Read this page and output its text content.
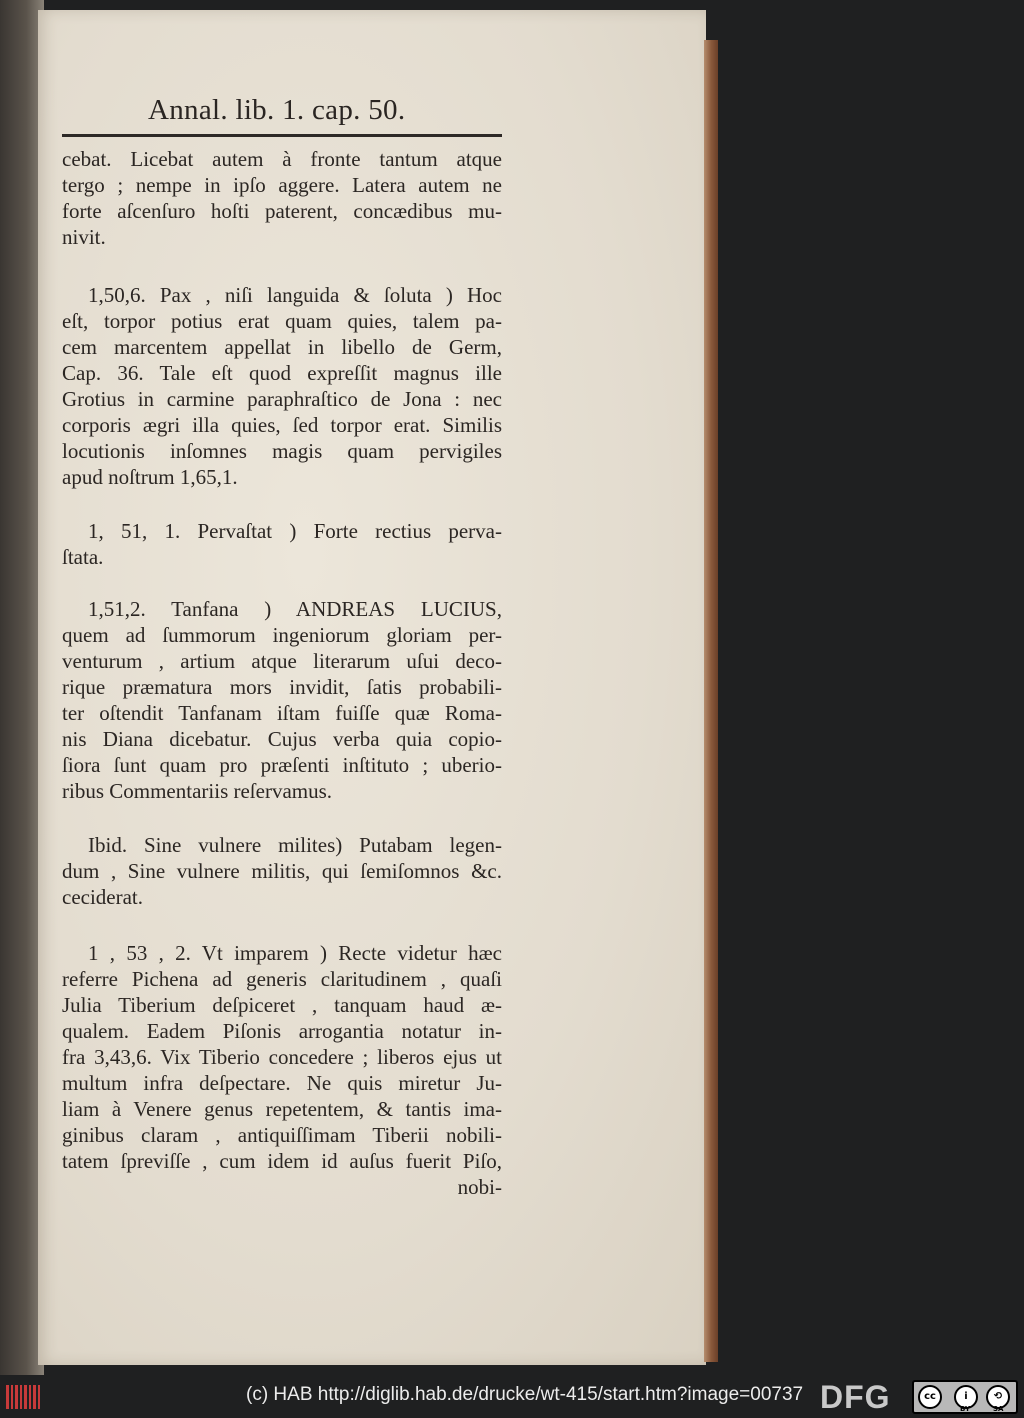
Annal. lib. 1. cap. 50.
cebat. Licebat autem à fronte tantum atque
tergo ; nempe in ipſo aggere. Latera autem ne
forte aſcenſuro hoſti paterent, concædibus mu-
nivit.
1,50,6. Pax , niſi languida & ſoluta ) Hoc
eſt, torpor potius erat quam quies, talem pa-
cem marcentem appellat in libello de Germ,
Cap. 36. Tale eſt quod expreſſit magnus ille
Grotius in carmine paraphraſtico de Jona : nec
corporis ægri illa quies, ſed torpor erat. Similis
locutionis inſomnes magis quam pervigiles
apud noſtrum 1,65,1.
1, 51, 1. Pervaſtat ) Forte rectius perva-
ſtata.
1,51,2. Tanfana ) ANDREAS LUCIUS,
quem ad ſummorum ingeniorum gloriam per-
venturum , artium atque literarum uſui deco-
rique præmatura mors invidit, ſatis probabili-
ter oſtendit Tanfanam iſtam fuiſſe quæ Roma-
nis Diana dicebatur. Cujus verba quia copio-
ſiora ſunt quam pro præſenti inſtituto ; uberio-
ribus Commentariis reſervamus.
Ibid. Sine vulnere milites) Putabam legen-
dum , Sine vulnere militis, qui ſemiſomnos &c.
ceciderat.
1 , 53 , 2. Vt imparem ) Recte videtur hæc
referre Pichena ad generis claritudinem , quaſi
Julia Tiberium deſpiceret , tanquam haud æ-
qualem. Eadem Piſonis arrogantia notatur in-
fra 3,43,6. Vix Tiberio concedere ; liberos ejus ut
multum infra deſpectare. Ne quis miretur Ju-
liam à Venere genus repetentem, & tantis ima-
ginibus claram , antiquiſſimam Tiberii nobili-
tatem ſpreviſſe , cum idem id auſus fuerit Piſo,
nobi-
(c) HAB http://diglib.hab.de/drucke/wt-415/start.htm?image=00737 DFG	cc	i	⟲
BY	SA
